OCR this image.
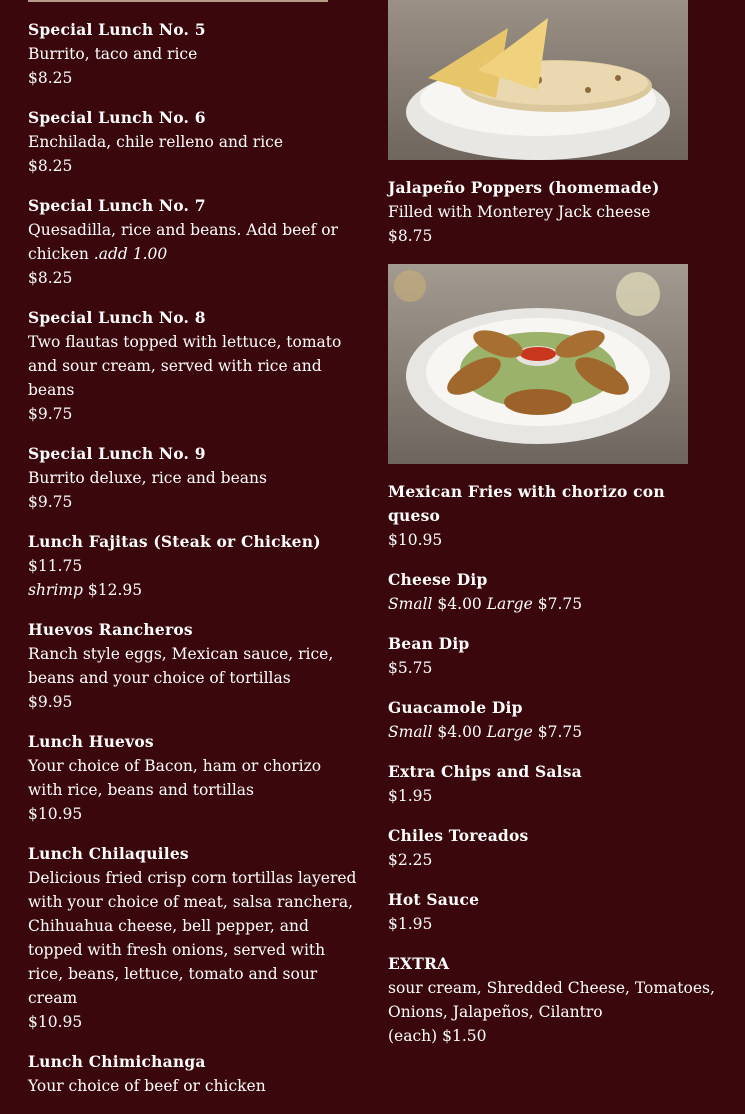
Special Lunch No. 5
Burrito, taco and rice
$8.25
Special Lunch No. 6
Enchilada, chile relleno and rice
$8.25
Special Lunch No. 7
Quesadilla, rice and beans. Add beef or chicken .add 1.00
$8.25
Special Lunch No. 8
Two flautas topped with lettuce, tomato and sour cream, served with rice and beans
$9.75
Special Lunch No. 9
Burrito deluxe, rice and beans
$9.75
Lunch Fajitas (Steak or Chicken)
$11.75
shrimp $12.95
Huevos Rancheros
Ranch style eggs, Mexican sauce, rice, beans and your choice of tortillas
$9.95
Lunch Huevos
Your choice of Bacon, ham or chorizo with rice, beans and tortillas
$10.95
Lunch Chilaquiles
Delicious fried crisp corn tortillas layered with your choice of meat, salsa ranchera, Chihuahua cheese, bell pepper, and topped with fresh onions, served with rice, beans, lettuce, tomato and sour cream
$10.95
Lunch Chimichanga
Your choice of beef or chicken
Jalapeño Poppers (homemade)
Filled with Monterey Jack cheese
$8.75
Mexican Fries with chorizo con queso
$10.95
Cheese Dip
Small $4.00 Large $7.75
Bean Dip
$5.75
Guacamole Dip
Small $4.00 Large $7.75
Extra Chips and Salsa
$1.95
Chiles Toreados
$2.25
Hot Sauce
$1.95
EXTRA
sour cream, Shredded Cheese, Tomatoes, Onions, Jalapeños, Cilantro
(each) $1.50
